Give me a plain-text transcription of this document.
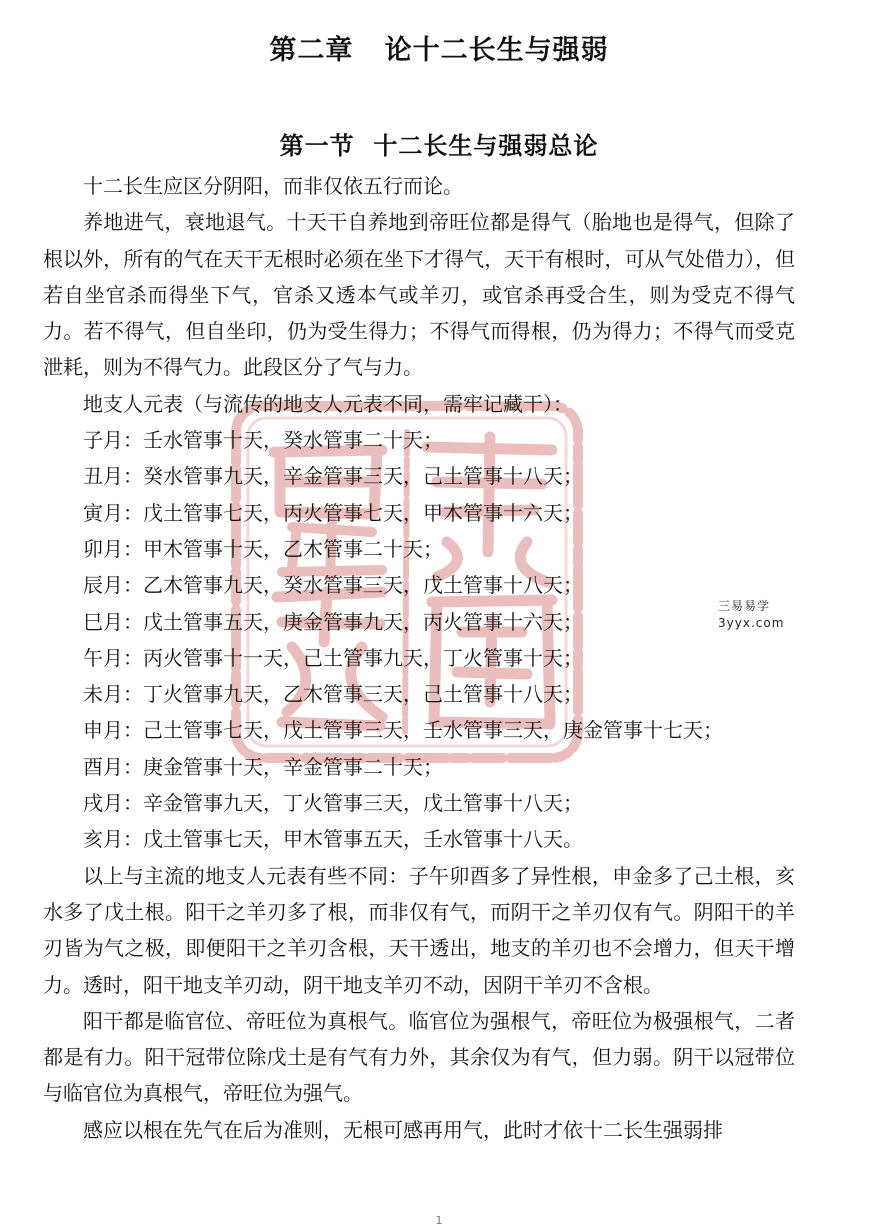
第二章   论十二长生与强弱
第一节  十二长生与强弱总论

十二长生应区分阴阳，而非仅依五行而论。

养地进气，衰地退气。十天干自养地到帝旺位都是得气（胎地也是得气，但除了根以外，所有的气在天干无根时必须在坐下才得气，天干有根时，可从气处借力），但若自坐官杀而得坐下气，官杀又透本气或羊刃，或官杀再受合生，则为受克不得气力。若不得气，但自坐印，仍为受生得力；不得气而得根，仍为得力；不得气而受克泄耗，则为不得气力。此段区分了气与力。

地支人元表（与流传的地支人元表不同，需牢记藏干）：

子月：壬水管事十天，癸水管事二十天；

丑月：癸水管事九天，辛金管事三天，己土管事十八天；

寅月：戊土管事七天，丙火管事七天，甲木管事十六天；

卯月：甲木管事十天，乙木管事二十天；

辰月：乙木管事九天，癸水管事三天，戊土管事十八天；

巳月：戊土管事五天，庚金管事九天，丙火管事十六天；

午月：丙火管事十一天，己土管事九天，丁火管事十天；

未月：丁火管事九天，乙木管事三天，己土管事十八天；

申月：己土管事七天，戊土管事三天，壬水管事三天，庚金管事十七天；

酉月：庚金管事十天，辛金管事二十天；

戌月：辛金管事九天，丁火管事三天，戊土管事十八天；

亥月：戊土管事七天，甲木管事五天，壬水管事十八天。

以上与主流的地支人元表有些不同：子午卯酉多了异性根，申金多了己土根，亥水多了戊土根。阳干之羊刃多了根，而非仅有气，而阴干之羊刃仅有气。阴阳干的羊刃皆为气之极，即便阳干之羊刃含根，天干透出，地支的羊刃也不会增力，但天干增力。透时，阳干地支羊刃动，阴干地支羊刃不动，因阴干羊刃不含根。

阳干都是临官位、帝旺位为真根气。临官位为强根气，帝旺位为极强根气，二者都是有力。阳干冠带位除戊土是有气有力外，其余仅为有气，但力弱。阴干以冠带位与临官位为真根气，帝旺位为强气。

感应以根在先气在后为准则，无根可感再用气，此时才依十二长生强弱排

三易易学
3yyx.com
1
